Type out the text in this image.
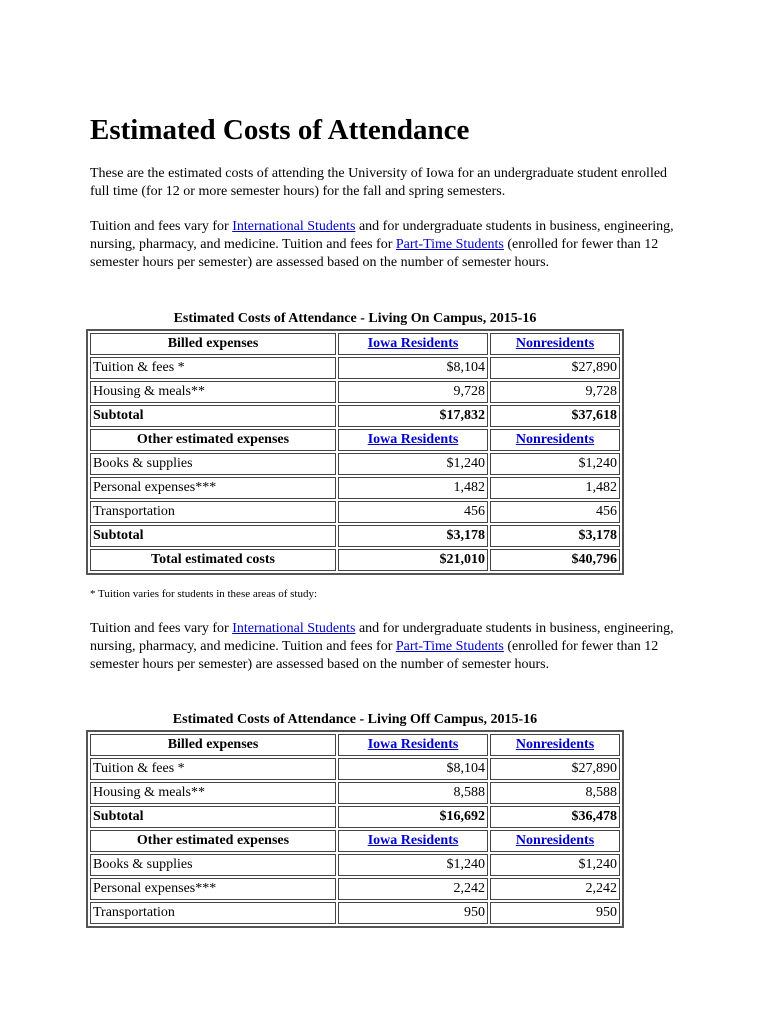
Estimated Costs of Attendance

These are the estimated costs of attending the University of Iowa for an undergraduate student enrolled full time (for 12 or more semester hours) for the fall and spring semesters.

Tuition and fees vary for International Students and for undergraduate students in business, engineering, nursing, pharmacy, and medicine. Tuition and fees for Part-Time Students (enrolled for fewer than 12 semester hours per semester) are assessed based on the number of semester hours.

Estimated Costs of Attendance - Living On Campus, 2015-16
Billed expenses	Iowa Residents	Nonresidents
Tuition & fees *	$8,104	$27,890
Housing & meals**	9,728	9,728
Subtotal	$17,832	$37,618
Other estimated expenses	Iowa Residents	Nonresidents
Books & supplies	$1,240	$1,240
Personal expenses***	1,482	1,482
Transportation	456	456
Subtotal	$3,178	$3,178
Total estimated costs	$21,010	$40,796
* Tuition varies for students in these areas of study:

Tuition and fees vary for International Students and for undergraduate students in business, engineering, nursing, pharmacy, and medicine. Tuition and fees for Part-Time Students (enrolled for fewer than 12 semester hours per semester) are assessed based on the number of semester hours.

Estimated Costs of Attendance - Living Off Campus, 2015-16
Billed expenses	Iowa Residents	Nonresidents
Tuition & fees *	$8,104	$27,890
Housing & meals**	8,588	8,588
Subtotal	$16,692	$36,478
Other estimated expenses	Iowa Residents	Nonresidents
Books & supplies	$1,240	$1,240
Personal expenses***	2,242	2,242
Transportation	950	950
